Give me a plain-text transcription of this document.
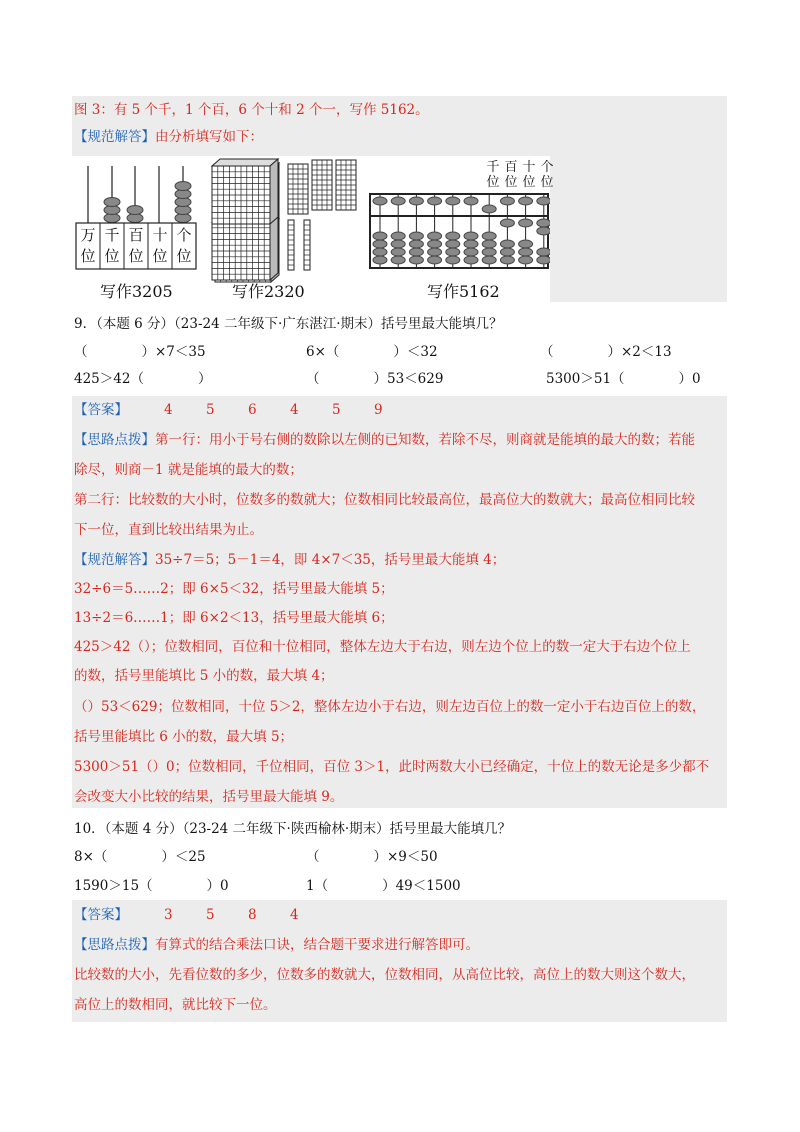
图 3：有 5 个千，1 个百，6 个十和 2 个一，写作 5162。
【规范解答】由分析填写如下：
万
位
千
位
百
位
十
位
个
位
千
位
百
位
十
位
个
位
写作3205	写作2320	写作5162
9．（本题 6 分）（23-24 二年级下·广东湛江·期末）括号里最大能填几？
（　　　　）×7＜35	6×（　　　　）＜32	（　　　　）×2＜13
425＞42（　　　　）	（　　　　）53＜629	5300＞51（　　　　）0
【答案】	4 5 6 4 5 9
【思路点拨】第一行：用小于号右侧的数除以左侧的已知数，若除不尽，则商就是能填的最大的数；若能
除尽，则商－1 就是能填的最大的数；
第二行：比较数的大小时，位数多的数就大；位数相同比较最高位，最高位大的数就大；最高位相同比较
下一位，直到比较出结果为止。
【规范解答】35÷7＝5；5－1＝4，即 4×7＜35，括号里最大能填 4；
32÷6＝5……2；即 6×5＜32，括号里最大能填 5；
13÷2＝6……1；即 6×2＜13，括号里最大能填 6；
425＞42（）；位数相同，百位和十位相同，整体左边大于右边，则左边个位上的数一定大于右边个位上
的数，括号里能填比 5 小的数，最大填 4；
（）53＜629；位数相同，十位 5＞2，整体左边小于右边，则左边百位上的数一定小于右边百位上的数，
括号里能填比 6 小的数，最大填 5；
5300＞51（）0；位数相同，千位相同，百位 3＞1，此时两数大小已经确定，十位上的数无论是多少都不
会改变大小比较的结果，括号里最大能填 9。
10．（本题 4 分）（23-24 二年级下·陕西榆林·期末）括号里最大能填几？
8×（　　　　）＜25	（　　　　）×9＜50
1590＞15（　　　　）0	1（　　　　）49＜1500
【答案】	3 5 8 4
【思路点拨】有算式的结合乘法口诀，结合题干要求进行解答即可。
比较数的大小，先看位数的多少，位数多的数就大，位数相同，从高位比较，高位上的数大则这个数大，
高位上的数相同，就比较下一位。
